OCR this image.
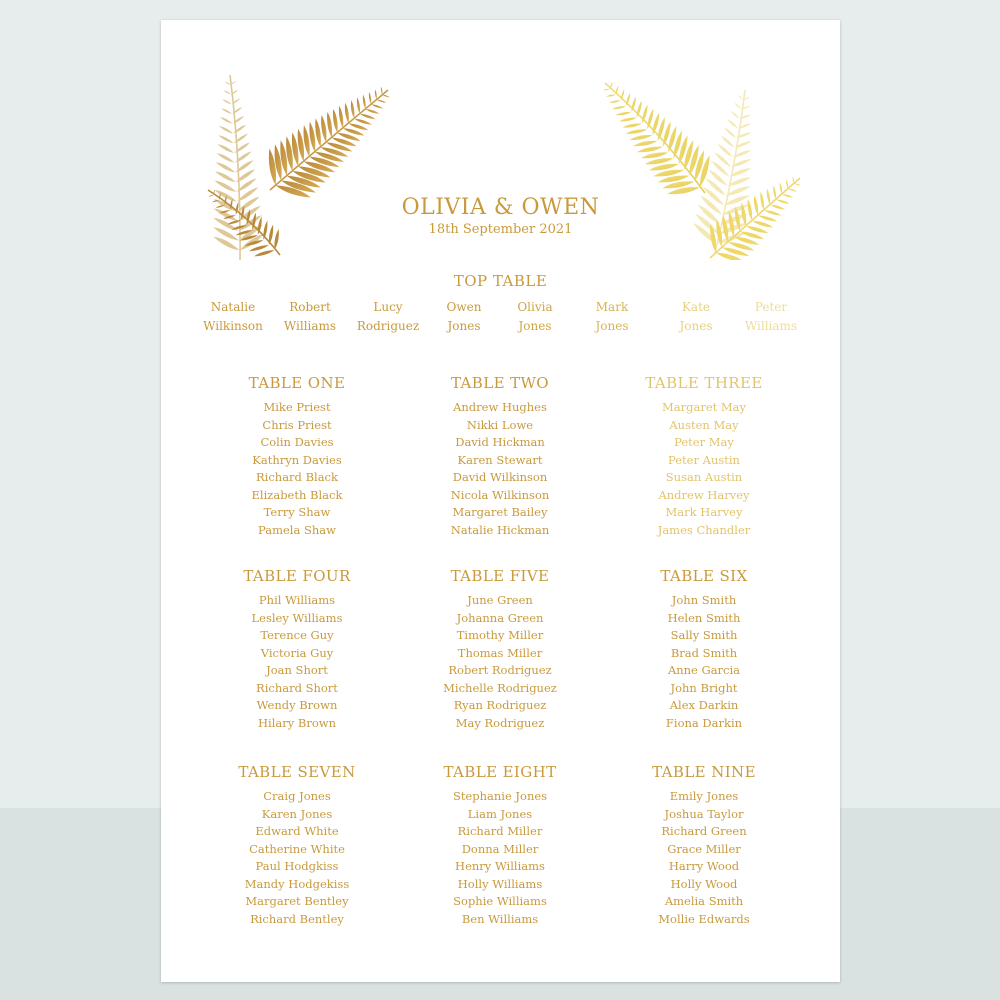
OLIVIA & OWEN
18th September 2021
TOP TABLE
Natalie
Wilkinson
Robert
Williams
Lucy
Rodriguez
Owen
Jones
Olivia
Jones
Mark
Jones
Kate
Jones
Peter
Williams
TABLE ONE
Mike Priest
Chris Priest
Colin Davies
Kathryn Davies
Richard Black
Elizabeth Black
Terry Shaw
Pamela Shaw
TABLE TWO
Andrew Hughes
Nikki Lowe
David Hickman
Karen Stewart
David Wilkinson
Nicola Wilkinson
Margaret Bailey
Natalie Hickman
TABLE THREE
Margaret May
Austen May
Peter May
Peter Austin
Susan Austin
Andrew Harvey
Mark Harvey
James Chandler
TABLE FOUR
Phil Williams
Lesley Williams
Terence Guy
Victoria Guy
Joan Short
Richard Short
Wendy Brown
Hilary Brown
TABLE FIVE
June Green
Johanna Green
Timothy Miller
Thomas Miller
Robert Rodriguez
Michelle Rodriguez
Ryan Rodriguez
May Rodriguez
TABLE SIX
John Smith
Helen Smith
Sally Smith
Brad Smith
Anne Garcia
John Bright
Alex Darkin
Fiona Darkin
TABLE SEVEN
Craig Jones
Karen Jones
Edward White
Catherine White
Paul Hodgkiss
Mandy Hodgekiss
Margaret Bentley
Richard Bentley
TABLE EIGHT
Stephanie Jones
Liam Jones
Richard Miller
Donna Miller
Henry Williams
Holly Williams
Sophie Williams
Ben Williams
TABLE NINE
Emily Jones
Joshua Taylor
Richard Green
Grace Miller
Harry Wood
Holly Wood
Amelia Smith
Mollie Edwards
